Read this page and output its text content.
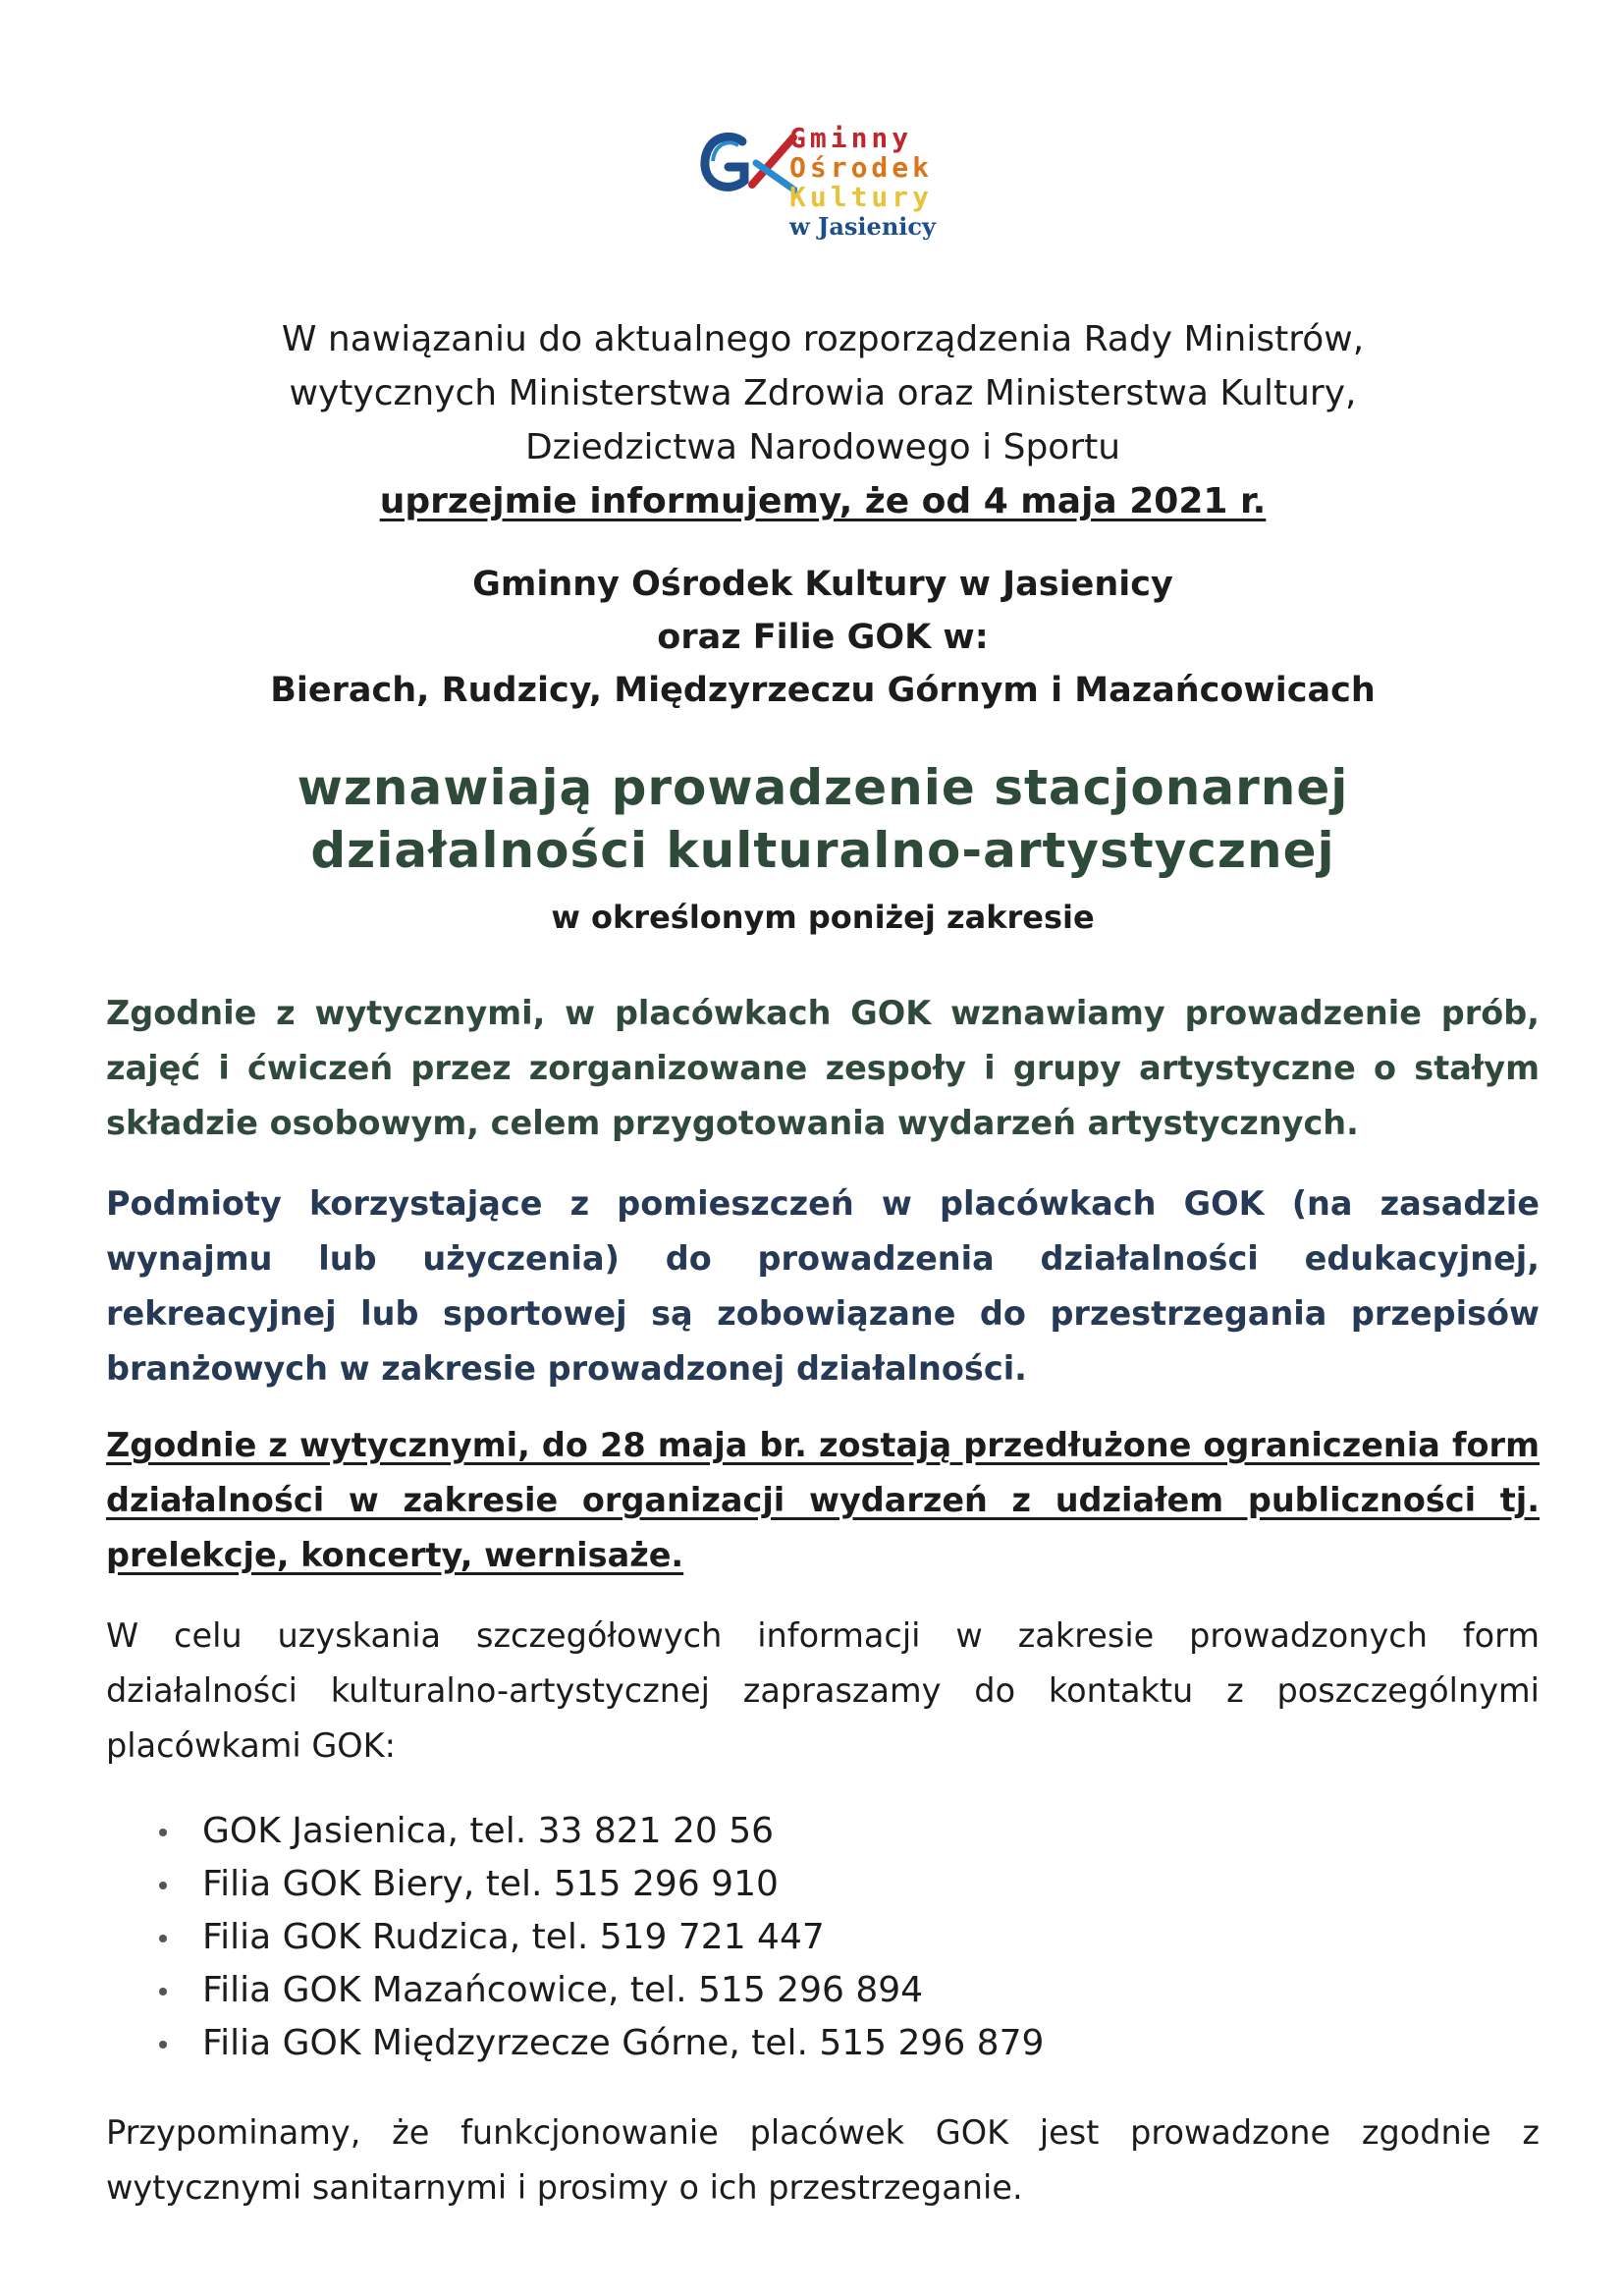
Gminny
Ośrodek
Kultury
w Jasienicy
W nawiązaniu do aktualnego rozporządzenia Rady Ministrów,
wytycznych Ministerstwa Zdrowia oraz Ministerstwa Kultury,
Dziedzictwa Narodowego i Sportu
uprzejmie informujemy, że od 4 maja 2021 r.
Gminny Ośrodek Kultury w Jasienicy
oraz Filie GOK w:
Bierach, Rudzicy, Międzyrzeczu Górnym i Mazańcowicach
wznawiają prowadzenie stacjonarnej
działalności kulturalno-artystycznej
w określonym poniżej zakresie
Zgodnie z wytycznymi, w placówkach GOK wznawiamy prowadzenie prób, zajęć i ćwiczeń przez zorganizowane zespoły i grupy artystyczne o stałym składzie osobowym, celem przygotowania wydarzeń artystycznych.
Podmioty korzystające z pomieszczeń w placówkach GOK (na zasadzie wynajmu lub użyczenia) do prowadzenia działalności edukacyjnej, rekreacyjnej lub sportowej są zobowiązane do przestrzegania przepisów branżowych w zakresie prowadzonej działalności.
Zgodnie z wytycznymi, do 28 maja br. zostają przedłużone ograniczenia form działalności w zakresie organizacji wydarzeń z udziałem publiczności tj. prelekcje, koncerty, wernisaże.
W celu uzyskania szczegółowych informacji w zakresie prowadzonych form działalności kulturalno-artystycznej zapraszamy do kontaktu z poszczególnymi placówkami GOK:
GOK Jasienica, tel. 33 821 20 56
Filia GOK Biery, tel. 515 296 910
Filia GOK Rudzica, tel. 519 721 447
Filia GOK Mazańcowice, tel. 515 296 894
Filia GOK Międzyrzecze Górne, tel. 515 296 879
Przypominamy, że funkcjonowanie placówek GOK jest prowadzone zgodnie z wytycznymi sanitarnymi i prosimy o ich przestrzeganie.
